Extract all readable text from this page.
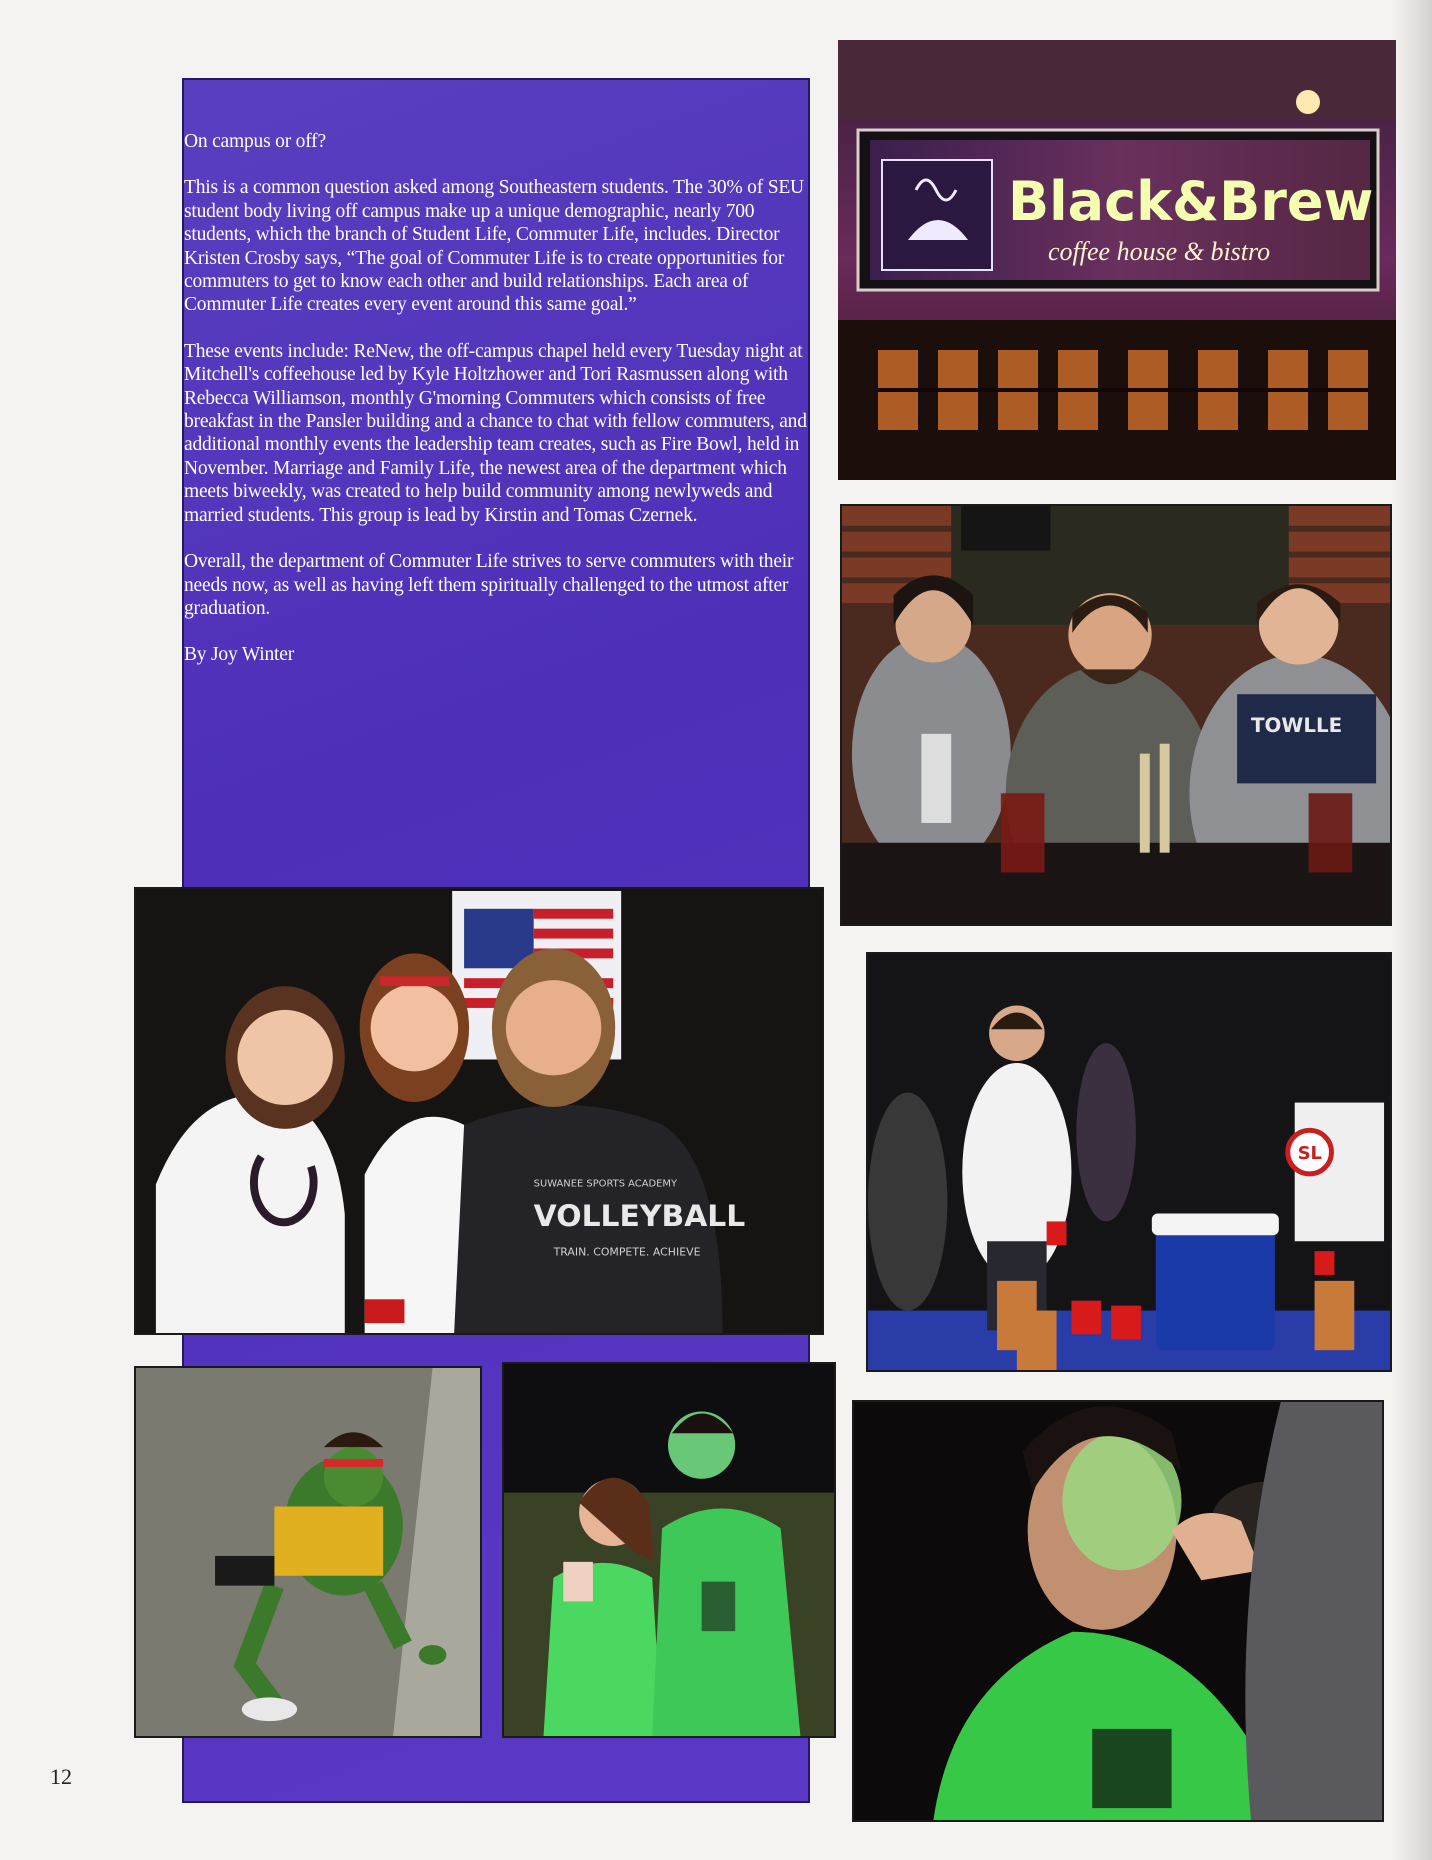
On campus or off?

This is a common question asked among Southeastern students. The 30% of SEU student body living off campus make up a unique demographic, nearly 700 students, which the branch of Student Life, Commuter Life, includes. Director Kristen Crosby says, “The goal of Commuter Life is to create opportunities for commuters to get to know each other and build relationships. Each area of Commuter Life creates every event around this same goal.”

These events include: ReNew, the off-campus chapel held every Tuesday night at Mitchell's coffeehouse led by Kyle Holtzhower and Tori Rasmussen along with Rebecca Williamson, monthly G'morning Commuters which consists of free breakfast in the Pansler building and a chance to chat with fellow commuters, and additional monthly events the leadership team creates, such as Fire Bowl, held in November. Marriage and Family Life, the newest area of the department which meets biweekly, was created to help build community among newlyweds and married students. This group is lead by Kirstin and Tomas Czernek.

Overall, the department of Commuter Life strives to serve commuters with their needs now, as well as having left them spiritually challenged to the utmost after graduation.

By Joy Winter

Black&Brew
coffee house & bistro
TOWLLE
VOLLEYBALL
SUWANEE SPORTS ACADEMY
TRAIN. COMPETE. ACHIEVE
SL
12
